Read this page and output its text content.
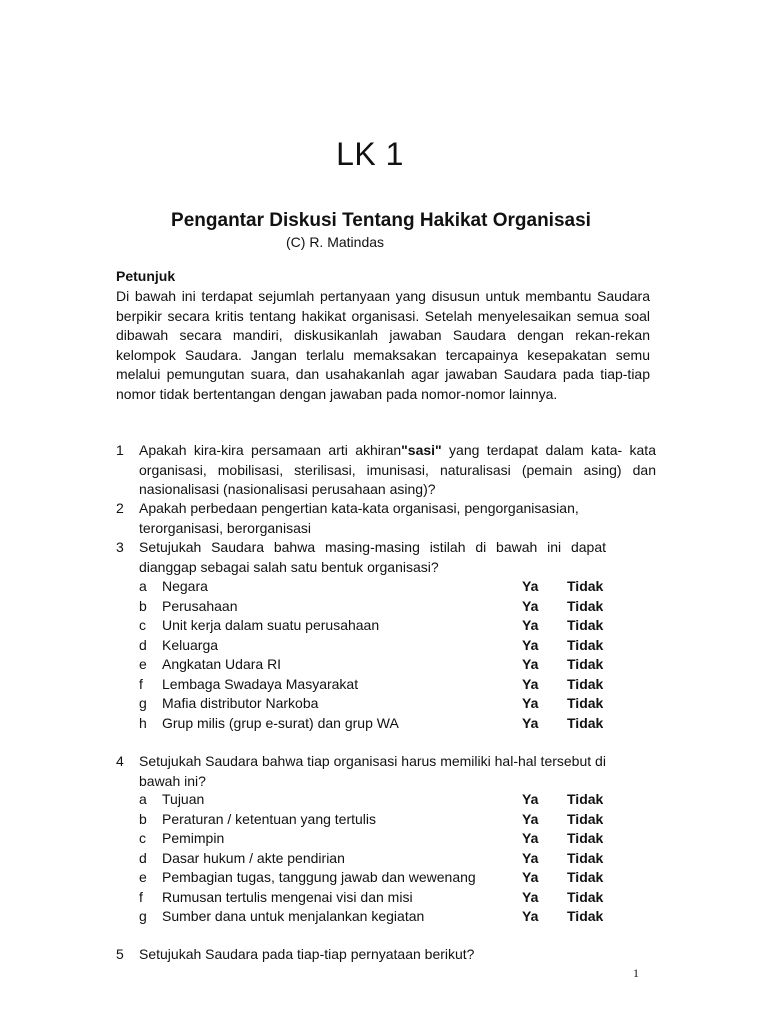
LK 1
Pengantar Diskusi Tentang Hakikat Organisasi
(C) R. Matindas
Petunjuk
Di bawah ini terdapat sejumlah pertanyaan yang disusun untuk membantu Saudara berpikir secara kritis tentang hakikat organisasi. Setelah menyelesaikan semua soal dibawah secara mandiri, diskusikanlah jawaban Saudara dengan rekan-rekan kelompok Saudara. Jangan terlalu memaksakan tercapainya kesepakatan semu melalui pemungutan suara, dan usahakanlah agar jawaban Saudara pada tiap-tiap nomor tidak bertentangan dengan jawaban pada nomor-nomor lainnya.
1 Apakah kira-kira persamaan arti akhiran"sasi" yang terdapat dalam kata- kata organisasi, mobilisasi, sterilisasi, imunisasi, naturalisasi (pemain asing) dan nasionalisasi (nasionalisasi perusahaan asing)?
2 Apakah perbedaan pengertian kata-kata organisasi, pengorganisasian, terorganisasi, berorganisasi
3 Setujukah Saudara bahwa masing-masing istilah di bawah ini dapat dianggap sebagai salah satu bentuk organisasi?
a Negara	Ya Tidak
b Perusahaan	Ya Tidak
c Unit kerja dalam suatu perusahaan	Ya Tidak
d Keluarga	Ya Tidak
e Angkatan Udara RI	Ya Tidak
f Lembaga Swadaya Masyarakat	Ya Tidak
g Mafia distributor Narkoba	Ya Tidak
h Grup milis (grup e-surat) dan grup WA	Ya Tidak
4 Setujukah Saudara bahwa tiap organisasi harus memiliki hal-hal tersebut di bawah ini?
a Tujuan	Ya Tidak
b Peraturan / ketentuan yang tertulis	Ya Tidak
c Pemimpin	Ya Tidak
d Dasar hukum / akte pendirian	Ya Tidak
e Pembagian tugas, tanggung jawab dan wewenang	Ya Tidak
f Rumusan tertulis mengenai visi dan misi	Ya Tidak
g Sumber dana untuk menjalankan kegiatan	Ya Tidak
5 Setujukah Saudara pada tiap-tiap pernyataan berikut?
1
